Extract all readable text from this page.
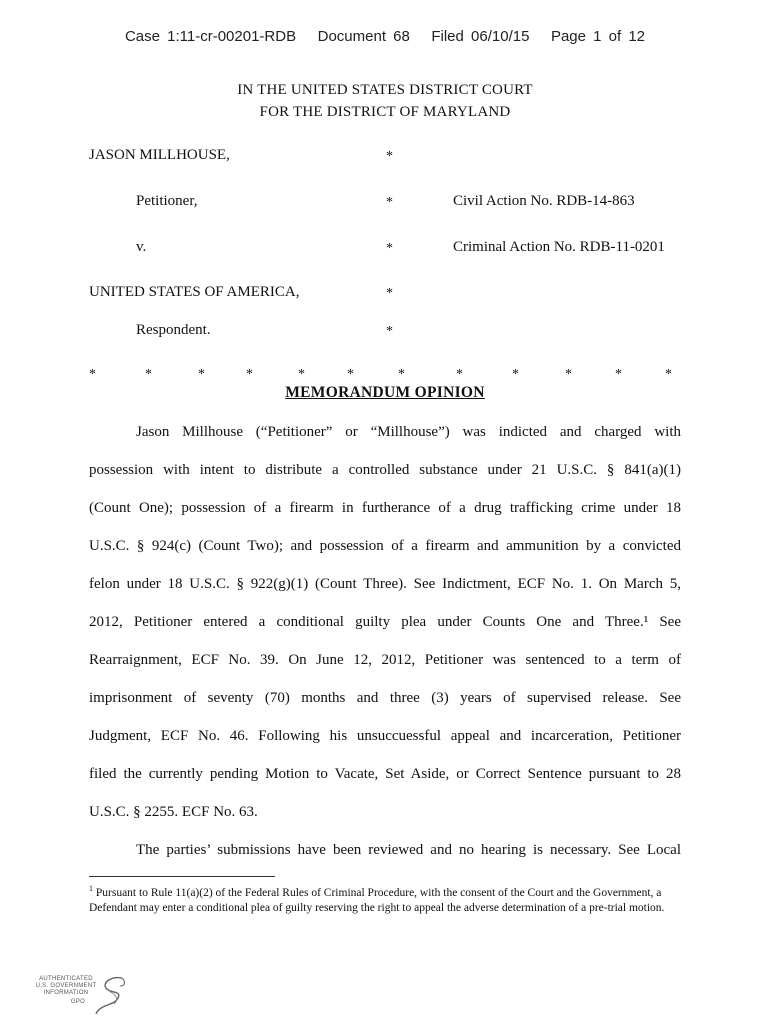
Case 1:11-cr-00201-RDB Document 68 Filed 06/10/15 Page 1 of 12
IN THE UNITED STATES DISTRICT COURT
FOR THE DISTRICT OF MARYLAND
JASON MILLHOUSE,	*
Petitioner,	*	Civil Action No. RDB-14-863
v.	*	Criminal Action No. RDB-11-0201
UNITED STATES OF AMERICA,	*
Respondent.	*
*	*	*	*	*	*	*	*	*	*	*	*
MEMORANDUM OPINION
Jason Millhouse (“Petitioner” or “Millhouse”) was indicted and charged with
possession with intent to distribute a controlled substance under 21 U.S.C. § 841(a)(1)
(Count One); possession of a firearm in furtherance of a drug trafficking crime under 18
U.S.C. § 924(c) (Count Two); and possession of a firearm and ammunition by a convicted
felon under 18 U.S.C. § 922(g)(1) (Count Three). See Indictment, ECF No. 1. On March 5,
2012, Petitioner entered a conditional guilty plea under Counts One and Three.¹ See
Rearraignment, ECF No. 39. On June 12, 2012, Petitioner was sentenced to a term of
imprisonment of seventy (70) months and three (3) years of supervised release. See
Judgment, ECF No. 46. Following his unsuccuessful appeal and incarceration, Petitioner
filed the currently pending Motion to Vacate, Set Aside, or Correct Sentence pursuant to 28
U.S.C. § 2255. ECF No. 63.
The parties’ submissions have been reviewed and no hearing is necessary. See Local
$^1$ Pursuant to Rule 11(a)(2) of the Federal Rules of Criminal Procedure, with the consent of the Court and the Government, a Defendant may enter a conditional plea of guilty reserving the right to appeal the adverse determination of a pre-trial motion.
AUTHENTICATED
U.S. GOVERNMENT
INFORMATION
GPO
